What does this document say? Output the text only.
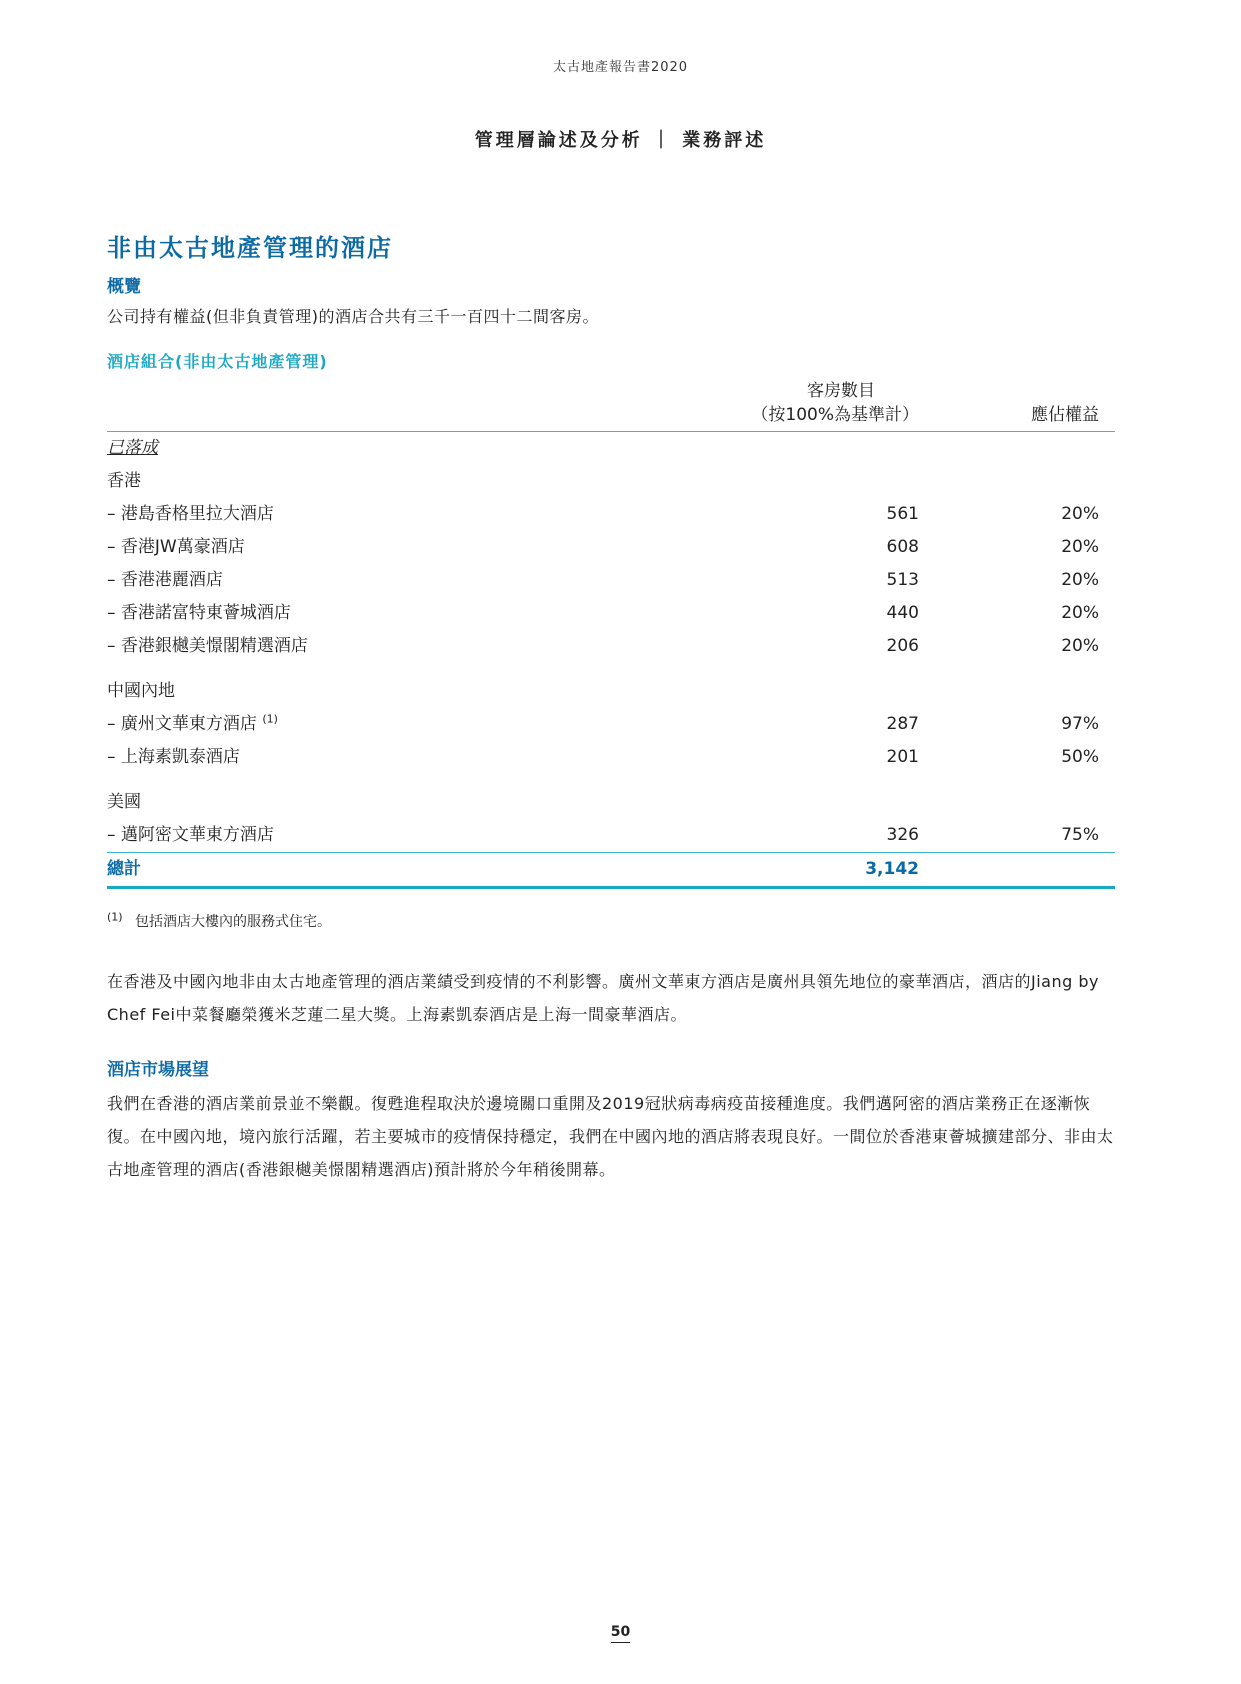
太古地產報告書2020
管理層論述及分析 ｜ 業務評述
非由太古地產管理的酒店
概覽

公司持有權益(但非負責管理)的酒店合共有三千一百四十二間客房。

酒店組合(非由太古地產管理)

	客房數目
（按100%為基準計）	應佔權益
已落成		
香港		
– 港島香格里拉大酒店	561	20%
– 香港JW萬豪酒店	608	20%
– 香港港麗酒店	513	20%
– 香港諾富特東薈城酒店	440	20%
– 香港銀樾美憬閣精選酒店	206	20%

中國內地		
– 廣州文華東方酒店 $^{(1)}$	287	97%
– 上海素凱泰酒店	201	50%

美國		
– 邁阿密文華東方酒店	326	75%
總計	3,142	
$^{(1)}$ 包括酒店大樓內的服務式住宅。

在香港及中國內地非由太古地產管理的酒店業績受到疫情的不利影響。廣州文華東方酒店是廣州具領先地位的豪華酒店，酒店的Jiang by Chef Fei中菜餐廳榮獲米芝蓮二星大獎。上海素凱泰酒店是上海一間豪華酒店。

酒店市場展望

我們在香港的酒店業前景並不樂觀。復甦進程取決於邊境關口重開及2019冠狀病毒病疫苗接種進度。我們邁阿密的酒店業務正在逐漸恢復。在中國內地，境內旅行活躍，若主要城市的疫情保持穩定，我們在中國內地的酒店將表現良好。一間位於香港東薈城擴建部分、非由太古地產管理的酒店(香港銀樾美憬閣精選酒店)預計將於今年稍後開幕。

50
